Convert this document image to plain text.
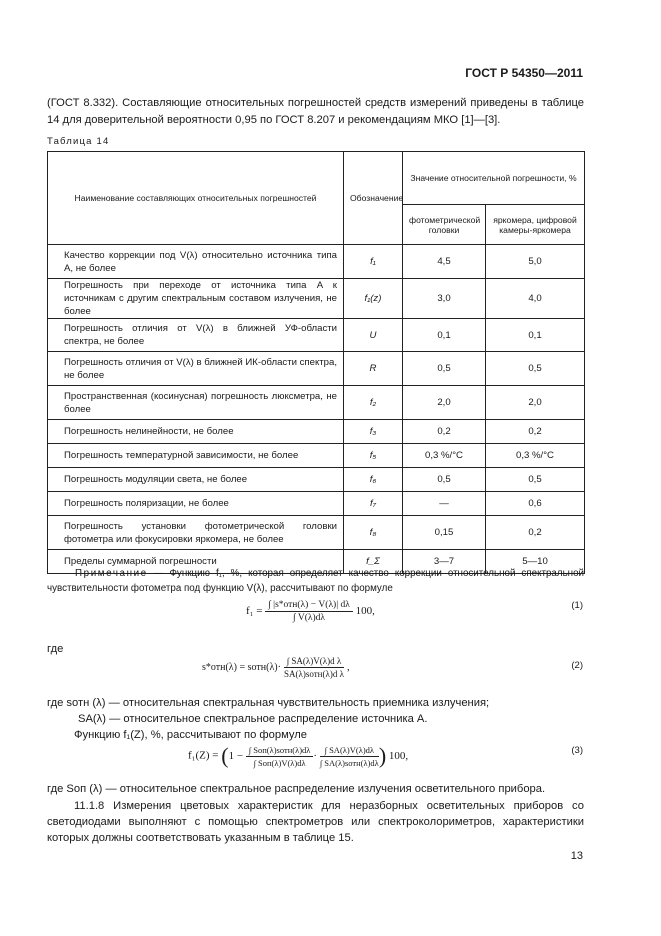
ГОСТ Р 54350—2011
(ГОСТ 8.332). Составляющие относительных погрешностей средств измерений приведены в таблице 14 для доверительной вероятности 0,95 по ГОСТ 8.207 и рекомендациям МКО [1]—[3].
Таблица 14
Наименование составляющих относительных погрешностей	Обозначение	Значение относительной погрешности, %	
		фотометрической головки	яркомера, цифровой камеры-яркомера
Качество коррекции под V(λ) относительно источника типа A, не более	f₁	4,5	5,0
Погрешность при переходе от источника типа A к источникам с другим спектральным составом излучения, не более	f₁(z)	3,0	4,0
Погрешность отличия от V(λ) в ближней УФ-области спектра, не более	U	0,1	0,1
Погрешность отличия от V(λ) в ближней ИК-области спектра, не более	R	0,5	0,5
Пространственная (косинусная) погрешность люксметра, не более	f₂	2,0	2,0
Погрешность нелинейности, не более	f₃	0,2	0,2
Погрешность температурной зависимости, не более	f₅	0,3 %/°С	0,3 %/°С
Погрешность модуляции света, не более	f₆	0,5	0,5
Погрешность поляризации, не более	f₇	—	0,6
Погрешность установки фотометрической головки фотометра или фокусировки яркомера, не более	f₈	0,15	0,2
Пределы суммарной погрешности	f_Σ	3—7	5—10
Примечание — Функцию f₁, %, которая определяет качество коррекции относительной спектральной чувствительности фотометра под функцию V(λ), рассчитывают по формуле
$f_1 = \frac{\text{∫ |s*отн(λ) − V(λ)| dλ}}{\int V(\lambda)d\lambda} 100$,	(1)
где
s*отн(λ) = sотн(λ)· $\frac{\text{∫ SA(λ)V(λ)d λ}}{\text{SA(λ)sотн(λ)d λ}}$ ,	(2)
где sотн (λ) — относительная спектральная чувствительность приемника излучения;
SA(λ) — относительное спектральное распределение источника A.
Функцию f₁(Z), %, рассчитывают по формуле
$f_1(Z) = (1 - \frac{\text{∫ Sоп(λ)sотн(λ)dλ}}{\text{∫ Sоп(λ)V(λ)dλ}} \cdot \frac{\int SA(\lambda)V(\lambda)d\lambda}{\text{∫ SA(λ)sотн(λ)dλ}}$ ) 100,	(3)
где Sоп (λ) — относительное спектральное распределение излучения осветительного прибора.
11.1.8 Измерения цветовых характеристик для неразборных осветительных приборов со светодиодами выполняют с помощью спектрометров или спектроколориметров, характеристики которых должны соответствовать указанным в таблице 15.
13
